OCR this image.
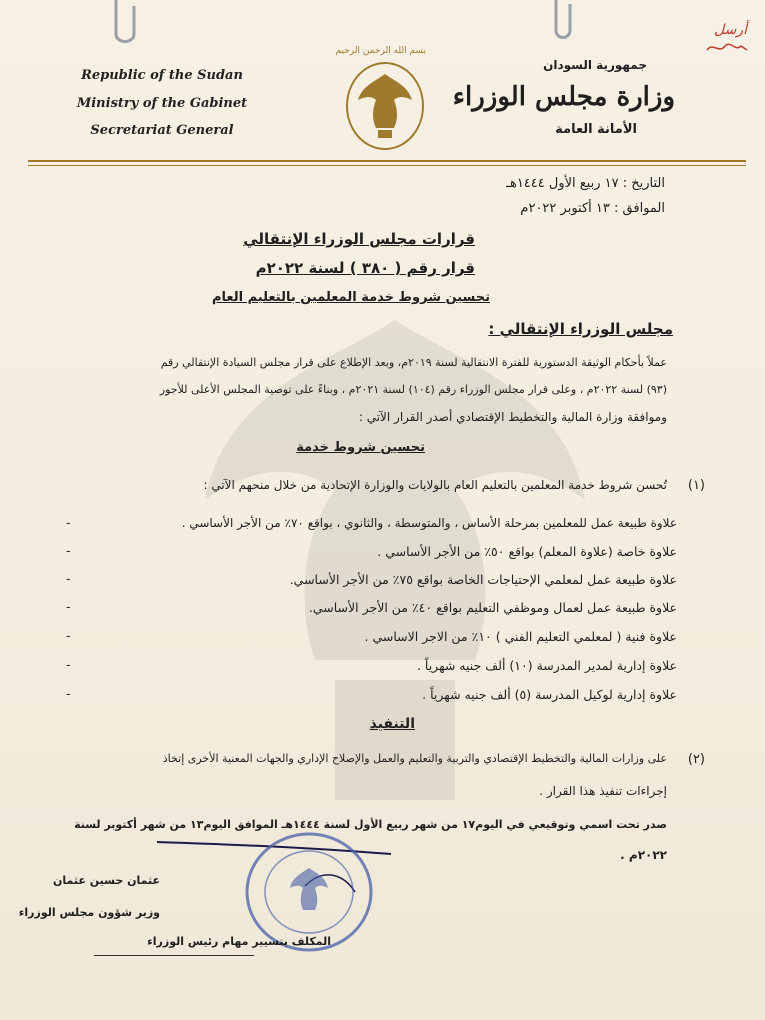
أرسل
Republic of the Sudan
Ministry of the Gabinet
Secretariat General
بسم الله الرحمن الرحيم
جمهورية السودان
وزارة مجلس الوزراء
الأمانة العامة
التاريخ : ١٧ ربيع الأول ١٤٤٤هـ
الموافق : ١٣ أكتوبر ٢٠٢٢م
قرارات مجلس الوزراء الإنتقالي
قرار رقم ( ٣٨٠ ) لسنة ٢٠٢٢م
تحسين شروط خدمة المعلمين بالتعليم العام
مجلس الوزراء الإنتقالي :
عملاً بأحكام الوثيقة الدستورية للفترة الانتقالية لسنة ٢٠١٩م، وبعد الإطلاع على قرار مجلس السيادة الإنتقالي رقم
(٩٣) لسنة ٢٠٢٢م ، وعلى قرار مجلس الوزراء رقم (١٠٤) لسنة ٢٠٢١م ، وبناءً على توصية المجلس الأعلى للأجور
وموافقة وزارة المالية والتخطيط الإقتصادي أصدر القرار الآتي :
تحسين شروط خدمة
(١)
تُحسن شروط خدمة المعلمين بالتعليم العام بالولايات والوزارة الإتحادية من خلال منحهم الآتي :
علاوة طبيعة عمل للمعلمين بمرحلة الأساس ، والمتوسطة ، والثانوي ، بواقع ٧٠٪ من الأجر الأساسي .
-
علاوة خاصة (علاوة المعلم) بواقع ٥٠٪ من الأجر الأساسي .
-
علاوة طبيعة عمل لمعلمي الإحتياجات الخاصة بواقع ٧٥٪ من الأجر الأساسي.
-
علاوة طبيعة عمل لعمال وموظفي التعليم بواقع ٤٠٪ من الأجر الأساسي.
-
علاوة فنية ( لمعلمي التعليم الفني ) ١٠٪ من الاجر الاساسي .
-
علاوة إدارية لمدير المدرسة (١٠) ألف جنيه شهرياً .
-
علاوة إدارية لوكيل المدرسة (٥) ألف جنيه شهرياً .
-
التنفيذ
(٢)
على وزارات المالية والتخطيط الإقتصادي والتربية والتعليم والعمل والإصلاح الإداري والجهات المعنية الأخرى إتخاذ
إجراءات تنفيذ هذا القرار .
صدر تحت اسمي وتوقيعي في اليوم١٧ من شهر ربيع الأول لسنة ١٤٤٤هـ الموافق اليوم١٣ من شهر أكتوبر لسنة
٢٠٢٢م .
عثمان حسين عثمان
وزير شؤون مجلس الوزراء
المكلف بتسيير مهام رئيس الوزراء
